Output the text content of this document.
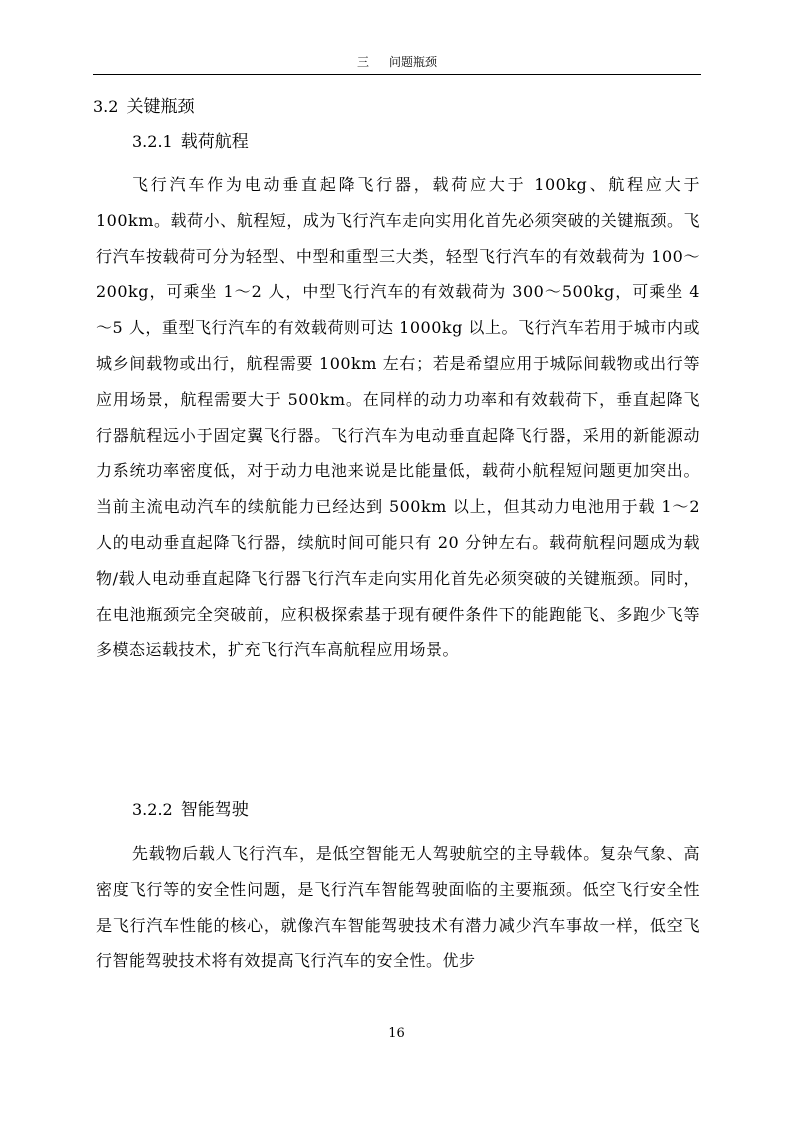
三 问题瓶颈
3.2 关键瓶颈
3.2.1 载荷航程
飞行汽车作为电动垂直起降飞行器，载荷应大于 100kg、航程应大于 100km。载荷小、航程短，成为飞行汽车走向实用化首先必须突破的关键瓶颈。飞行汽车按载荷可分为轻型、中型和重型三大类，轻型飞行汽车的有效载荷为 100～200kg，可乘坐 1～2 人，中型飞行汽车的有效载荷为 300～500kg，可乘坐 4～5 人，重型飞行汽车的有效载荷则可达 1000kg 以上。飞行汽车若用于城市内或城乡间载物或出行，航程需要 100km 左右；若是希望应用于城际间载物或出行等应用场景，航程需要大于 500km。在同样的动力功率和有效载荷下，垂直起降飞行器航程远小于固定翼飞行器。飞行汽车为电动垂直起降飞行器，采用的新能源动力系统功率密度低，对于动力电池来说是比能量低，载荷小航程短问题更加突出。当前主流电动汽车的续航能力已经达到 500km 以上，但其动力电池用于载 1～2 人的电动垂直起降飞行器，续航时间可能只有 20 分钟左右。载荷航程问题成为载物/载人电动垂直起降飞行器飞行汽车走向实用化首先必须突破的关键瓶颈。同时，在电池瓶颈完全突破前，应积极探索基于现有硬件条件下的能跑能飞、多跑少飞等多模态运载技术，扩充飞行汽车高航程应用场景。
3.2.2 智能驾驶
先载物后载人飞行汽车，是低空智能无人驾驶航空的主导载体。复杂气象、高密度飞行等的安全性问题，是飞行汽车智能驾驶面临的主要瓶颈。低空飞行安全性是飞行汽车性能的核心，就像汽车智能驾驶技术有潜力减少汽车事故一样，低空飞行智能驾驶技术将有效提高飞行汽车的安全性。优步
16
